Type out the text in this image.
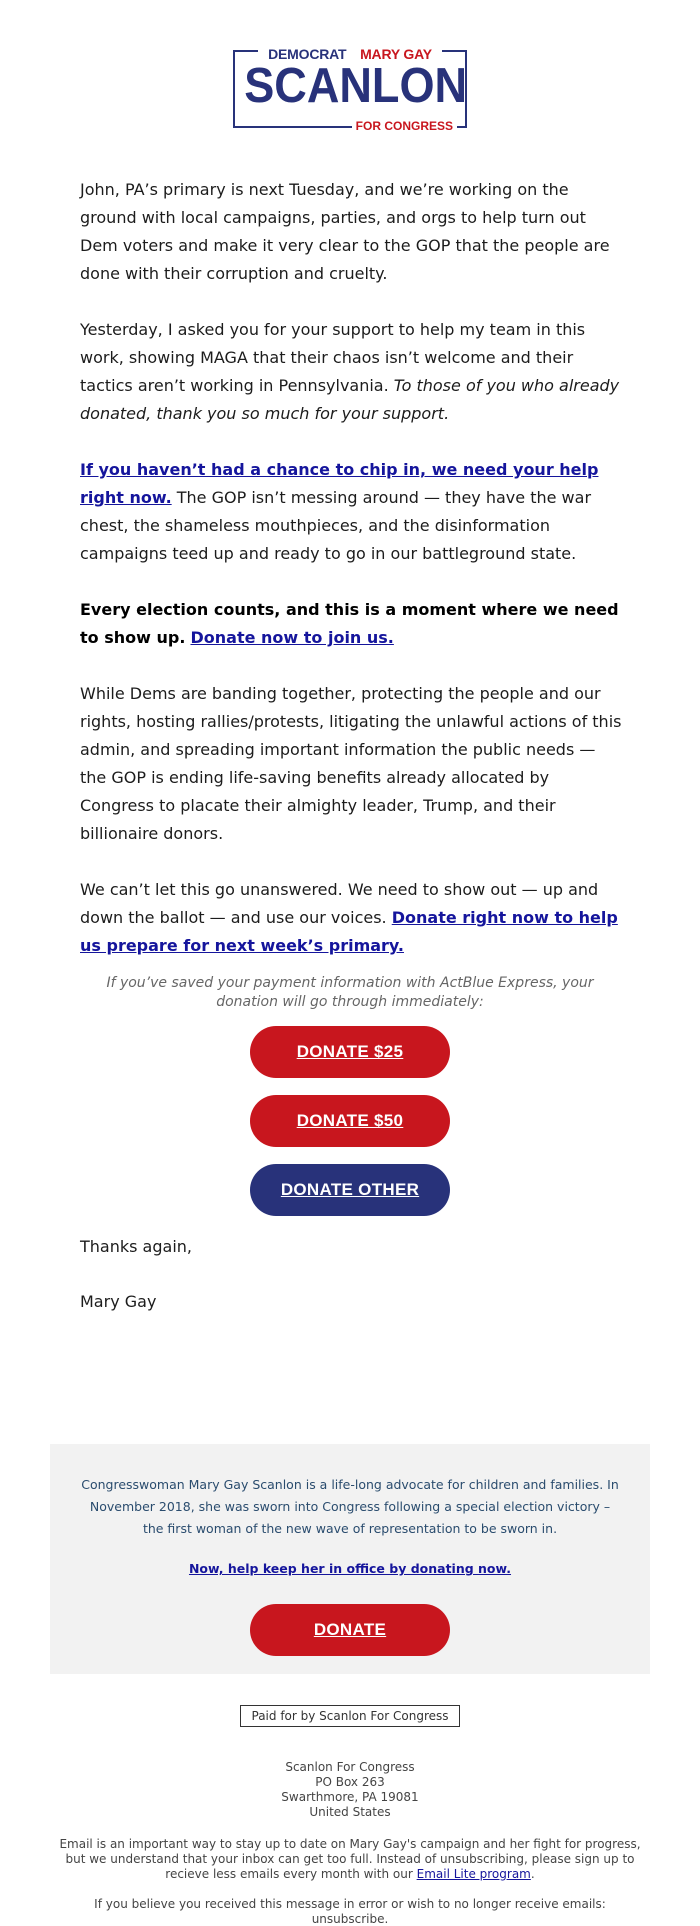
DEMOCRAT MARY GAY
SCANLON
FOR CONGRESS

John, PA’s primary is next Tuesday, and we’re working on the ground with local campaigns, parties, and orgs to help turn out Dem voters and make it very clear to the GOP that the people are done with their corruption and cruelty.

Yesterday, I asked you for your support to help my team in this work, showing MAGA that their chaos isn’t welcome and their tactics aren’t working in Pennsylvania. To those of you who already donated, thank you so much for your support.

If you haven’t had a chance to chip in, we need your help right now. The GOP isn’t messing around — they have the war chest, the shameless mouthpieces, and the disinformation campaigns teed up and ready to go in our battleground state.

Every election counts, and this is a moment where we need to show up. Donate now to join us.

While Dems are banding together, protecting the people and our rights, hosting rallies/protests, litigating the unlawful actions of this admin, and spreading important information the public needs — the GOP is ending life-saving benefits already allocated by Congress to placate their almighty leader, Trump, and their billionaire donors.

We can’t let this go unanswered. We need to show out — up and down the ballot — and use our voices. Donate right now to help us prepare for next week’s primary.

If you’ve saved your payment information with ActBlue Express, your donation will go through immediately:

DONATE $25
DONATE $50
DONATE OTHER

Thanks again,

Mary Gay

Congresswoman Mary Gay Scanlon is a life-long advocate for children and families. In November 2018, she was sworn into Congress following a special election victory – the first woman of the new wave of representation to be sworn in.

Now, help keep her in office by donating now.
DONATE
Paid for by Scanlon For Congress
Scanlon For Congress
PO Box 263
Swarthmore, PA 19081
United States

Email is an important way to stay up to date on Mary Gay's campaign and her fight for progress, but we understand that your inbox can get too full. Instead of unsubscribing, please sign up to recieve less emails every month with our Email Lite program.

If you believe you received this message in error or wish to no longer receive emails: unsubscribe.
